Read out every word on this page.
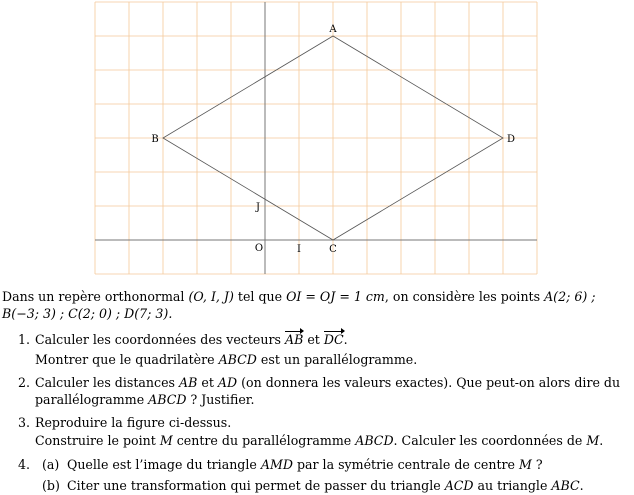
A
B
C
D
O	I
J
Dans un repère orthonormal (O, I, J) tel que OI = OJ = 1 cm, on considère les points A(2; 6) ;
B(−3; 3) ; C(2; 0) ; D(7; 3).
1. Calculer les coordonnées des vecteurs AB et DC.
Montrer que le quadrilatère ABCD est un parallélogramme.
2. Calculer les distances AB et AD (on donnera les valeurs exactes). Que peut-on alors dire du
parallélogramme ABCD ? Justifier.
3. Reproduire la figure ci-dessus.
Construire le point M centre du parallélogramme ABCD. Calculer les coordonnées de M.
4. (a) Quelle est l’image du triangle AMD par la symétrie centrale de centre M ?
(b) Citer une transformation qui permet de passer du triangle ACD au triangle ABC.
